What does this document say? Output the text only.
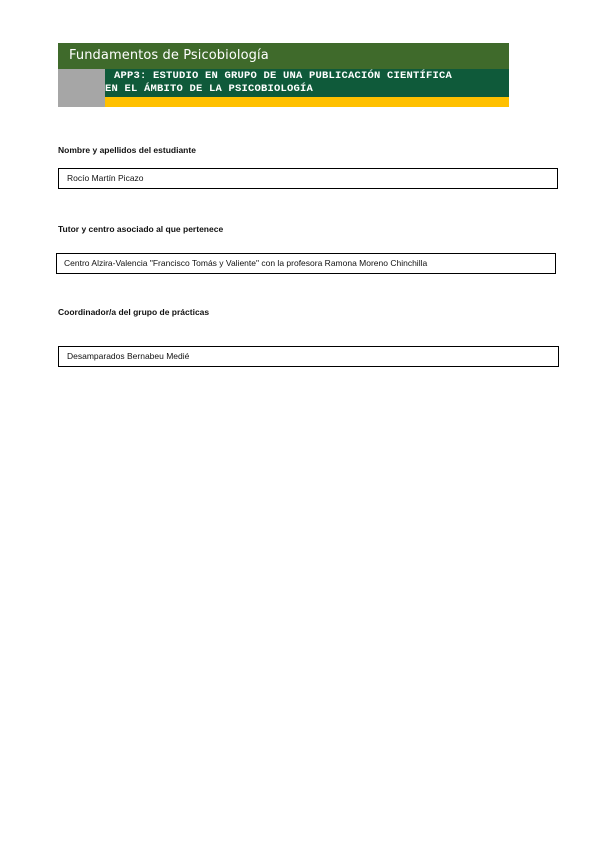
Fundamentos de Psicobiología
APP3: ESTUDIO EN GRUPO DE UNA PUBLICACIÓN CIENTÍFICA
EN EL ÁMBITO DE LA PSICOBIOLOGÍA
Nombre y apellidos del estudiante
Rocío Martín Picazo
Tutor y centro asociado al que pertenece
Centro Alzira-Valencia "Francisco Tomás y Valiente" con la profesora Ramona Moreno Chinchilla
Coordinador/a del grupo de prácticas
Desamparados Bernabeu Medié
